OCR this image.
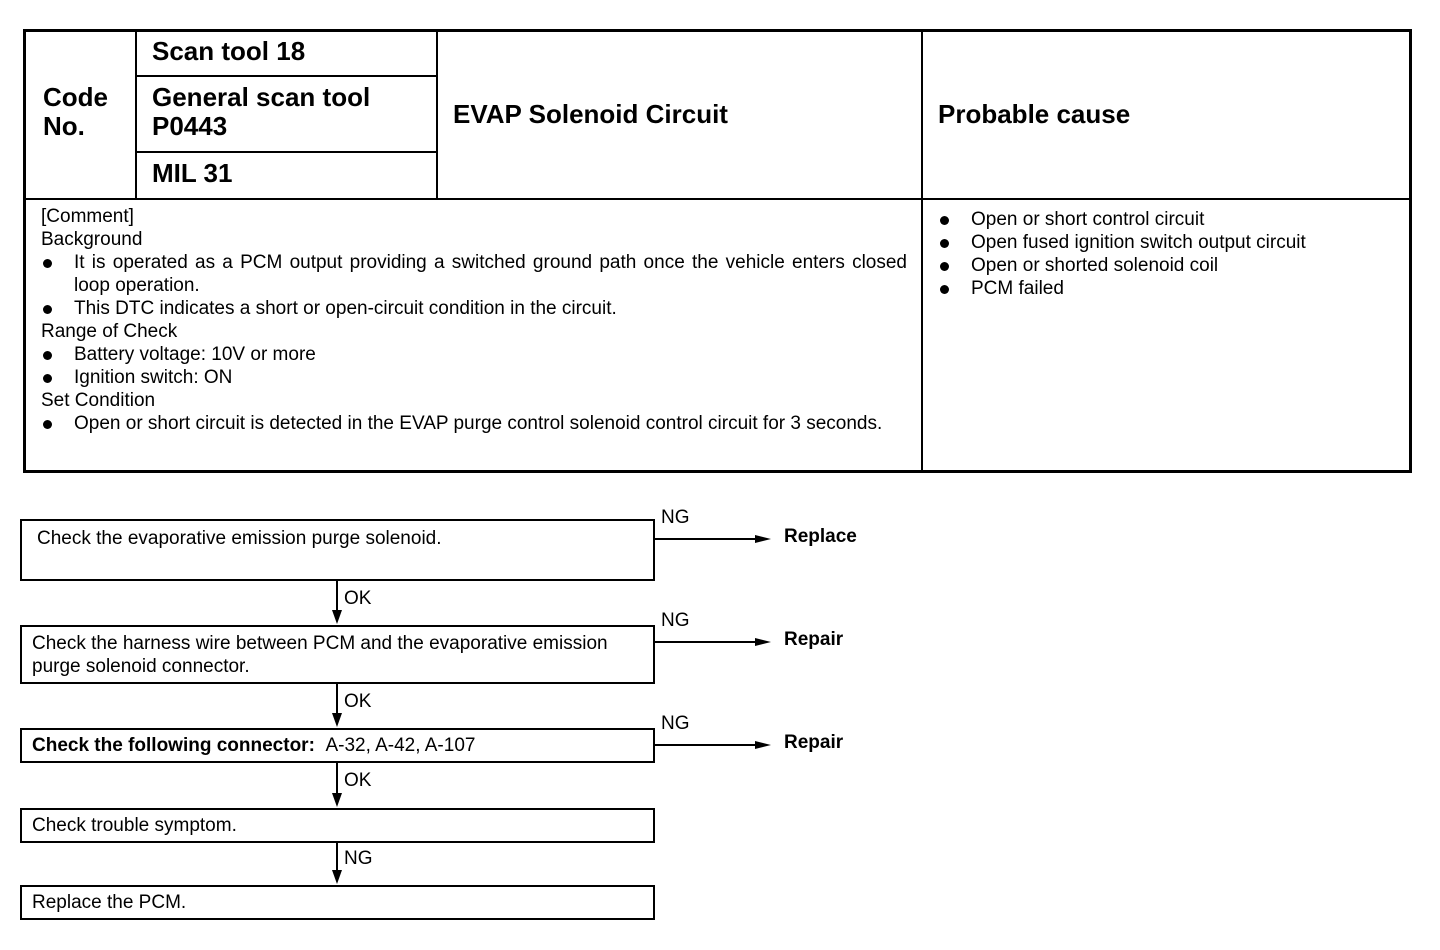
Code
No.
Scan tool 18
General scan tool
P0443
MIL 31
EVAP Solenoid Circuit	Probable cause
[Comment]
Background
It is operated as a PCM output providing a switched ground path once the vehicle enters closed loop operation.
This DTC indicates a short or open-circuit condition in the circuit.
Range of Check
Battery voltage: 10V or more
Ignition switch: ON
Set Condition
Open or short circuit is detected in the EVAP purge control solenoid control circuit for 3 seconds.
Open or short control circuit
Open fused ignition switch output circuit
Open or shorted solenoid coil
PCM failed
Check the evaporative emission purge solenoid.
Check the harness wire between PCM and the evaporative emission purge solenoid connector.
Check the following connector: A-32, A-42, A-107
Check trouble symptom.
Replace the PCM.
NG
Replace
NG
Repair
NG
Repair
OK
OK
OK
NG
